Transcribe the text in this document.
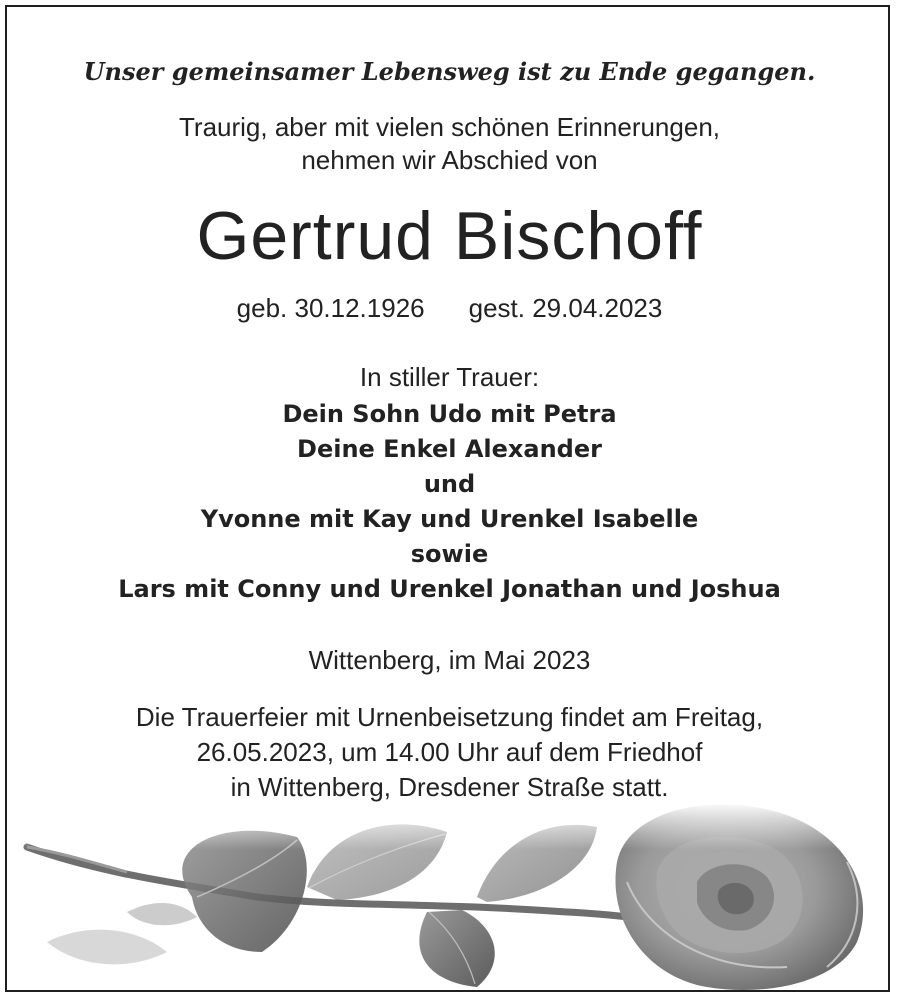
Unser gemeinsamer Lebensweg ist zu Ende gegangen.
Traurig, aber mit vielen schönen Erinnerungen,
nehmen wir Abschied von
Gertrud Bischoff
geb. 30.12.1926 gest. 29.04.2023
In stiller Trauer:
Dein Sohn Udo mit Petra
Deine Enkel Alexander
und
Yvonne mit Kay und Urenkel Isabelle
sowie
Lars mit Conny und Urenkel Jonathan und Joshua
Wittenberg, im Mai 2023
Die Trauerfeier mit Urnenbeisetzung findet am Freitag,
26.05.2023, um 14.00 Uhr auf dem Friedhof
in Wittenberg, Dresdener Straße statt.
